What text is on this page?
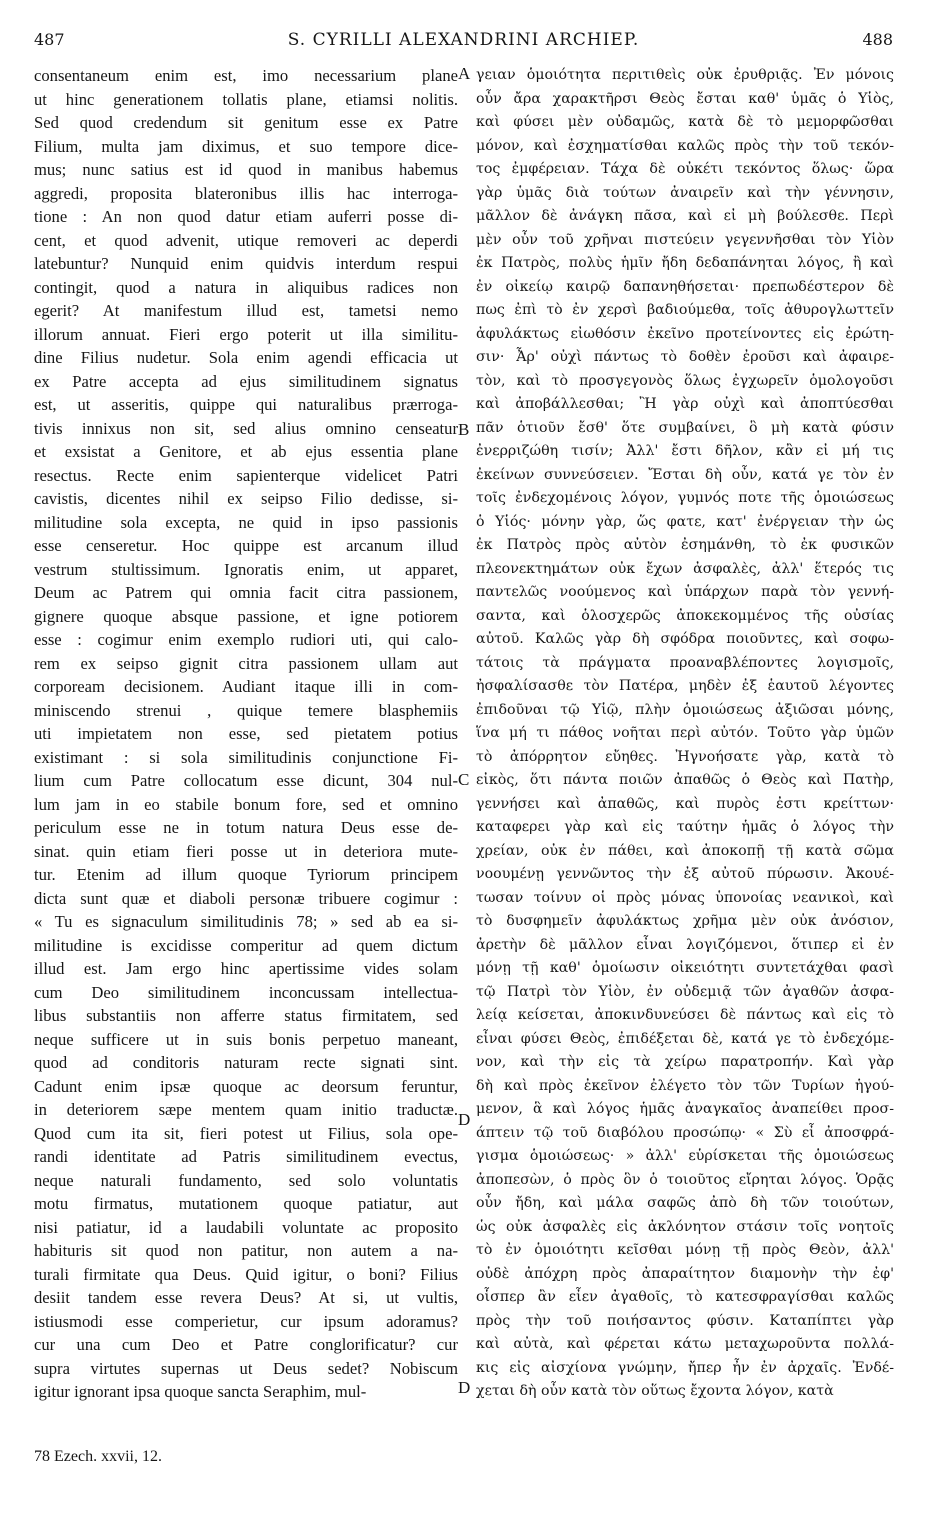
487	S. CYRILLI ALEXANDRINI ARCHIEP.	488
consentaneum enim est, imo necessarium plane
ut hinc generationem tollatis plane, etiamsi nolitis.
Sed quod credendum sit genitum esse ex Patre
Filium, multa jam diximus, et suo tempore dice-
mus; nunc satius est id quod in manibus habemus
aggredi, proposita blateronibus illis hac interroga-
tione : An non quod datur etiam auferri posse di-
cent, et quod advenit, utique removeri ac deperdi
latebuntur? Nunquid enim quidvis interdum respui
contingit, quod a natura in aliquibus radices non
egerit? At manifestum illud est, tametsi nemo
illorum annuat. Fieri ergo poterit ut illa similitu-
dine Filius nudetur. Sola enim agendi efficacia ut
ex Patre accepta ad ejus similitudinem signatus
est, ut asseritis, quippe qui naturalibus prærroga-
tivis innixus non sit, sed alius omnino censeatur
et exsistat a Genitore, et ab ejus essentia plane
resectus. Recte enim sapienterque videlicet Patri
cavistis, dicentes nihil ex seipso Filio dedisse, si-
militudine sola excepta, ne quid in ipso passionis
esse censeretur. Hoc quippe est arcanum illud
vestrum stultissimum. Ignoratis enim, ut apparet,
Deum ac Patrem qui omnia facit citra passionem,
gignere quoque absque passione, et igne potiorem
esse : cogimur enim exemplo rudiori uti, qui calo-
rem ex seipso gignit citra passionem ullam aut
corpoream decisionem. Audiant itaque illi in com-
miniscendo strenui , quique temere blasphemiis
uti impietatem non esse, sed pietatem potius
existimant : si sola similitudinis conjunctione Fi-
lium cum Patre collocatum esse dicunt, 304 nul-
lum jam in eo stabile bonum fore, sed et omnino
periculum esse ne in totum natura Deus esse de-
sinat. quin etiam fieri posse ut in deteriora mute-
tur. Etenim ad illum quoque Tyriorum principem
dicta sunt quæ et diaboli personæ tribuere cogimur :
« Tu es signaculum similitudinis 78; » sed ab ea si-
militudine is excidisse comperitur ad quem dictum
illud est. Jam ergo hinc apertissime vides solam
cum Deo similitudinem inconcussam intellectua-
libus substantiis non afferre status firmitatem, sed
neque sufficere ut in suis bonis perpetuo maneant,
quod ad conditoris naturam recte signati sint.
Cadunt enim ipsæ quoque ac deorsum feruntur,
in deteriorem sæpe mentem quam initio traductæ.
Quod cum ita sit, fieri potest ut Filius, sola ope-
randi identitate ad Patris similitudinem evectus,
neque naturali fundamento, sed solo voluntatis
motu firmatus, mutationem quoque patiatur, aut
nisi patiatur, id a laudabili voluntate ac proposito
habituris sit quod non patitur, non autem a na-
turali firmitate qua Deus. Quid igitur, o boni? Filius
desiit tandem esse revera Deus? At si, ut vultis,
istiusmodi esse comperietur, cur ipsum adoramus?
cur una cum Deo et Patre conglorificatur? cur
supra virtutes supernas ut Deus sedet? Nobiscum
igitur ignorant ipsa quoque sancta Seraphim, mul-
γειαν ὁμοιότητα περιτιθεὶς οὐκ ἐρυθριᾷς. Ἐν μόνοις
οὖν ἄρα χαρακτῆρσι Θεὸς ἔσται καθ' ὑμᾶς ὁ Υἱὸς,
καὶ φύσει μὲν οὐδαμῶς, κατὰ δὲ τὸ μεμορφῶσθαι
μόνον, καὶ ἐσχηματίσθαι καλῶς πρὸς τὴν τοῦ τεκόν-
τος ἐμφέρειαν. Τάχα δὲ οὐκέτι τεκόντος ὅλως· ὥρα
γὰρ ὑμᾶς διὰ τούτων ἀναιρεῖν καὶ τὴν γέννησιν,
μᾶλλον δὲ ἀνάγκη πᾶσα, καὶ εἰ μὴ βούλεσθε. Περὶ
μὲν οὖν τοῦ χρῆναι πιστεύειν γεγεννῆσθαι τὸν Υἱὸν
ἐκ Πατρὸς, πολὺς ἡμῖν ἤδη δεδαπάνηται λόγος, ἢ καὶ
ἐν οἰκείῳ καιρῷ δαπανηθήσεται· πρεπωδέστερον δὲ
πως ἐπὶ τὸ ἐν χερσὶ βαδιούμεθα, τοῖς ἀθυρογλωττεῖν
ἀφυλάκτως εἰωθόσιν ἐκεῖνο προτείνοντες εἰς ἐρώτη-
σιν· Ἆρ' οὐχὶ πάντως τὸ δοθὲν ἐροῦσι καὶ ἀφαιρε-
τὸν, καὶ τὸ προσγεγονὸς ὅλως ἐγχωρεῖν ὁμολογοῦσι
καὶ ἀποβάλλεσθαι; Ἢ γὰρ οὐχὶ καὶ ἀποπτύεσθαι
πᾶν ὁτιοῦν ἔσθ' ὅτε συμβαίνει, ὃ μὴ κατὰ φύσιν
ἐνερριζώθη τισίν; Ἀλλ' ἔστι δῆλον, κἂν εἰ μή τις
ἐκείνων συννεύσειεν. Ἔσται δὴ οὖν, κατά γε τὸν ἐν
τοῖς ἐνδεχομένοις λόγον, γυμνός ποτε τῆς ὁμοιώσεως
ὁ Υἱός· μόνην γὰρ, ὥς φατε, κατ' ἐνέργειαν τὴν ὡς
ἐκ Πατρὸς πρὸς αὐτὸν ἐσημάνθη, τὸ ἐκ φυσικῶν
πλεονεκτημάτων οὐκ ἔχων ἀσφαλὲς, ἀλλ' ἕτερός τις
παντελῶς νοούμενος καὶ ὑπάρχων παρὰ τὸν γεννή-
σαντα, καὶ ὁλοσχερῶς ἀποκεκομμένος τῆς οὐσίας
αὐτοῦ. Καλῶς γὰρ δὴ σφόδρα ποιοῦντες, καὶ σοφω-
τάτοις τὰ πράγματα προαναβλέποντες λογισμοῖς,
ἠσφαλίσασθε τὸν Πατέρα, μηδὲν ἐξ ἑαυτοῦ λέγοντες
ἐπιδοῦναι τῷ Υἱῷ, πλὴν ὁμοιώσεως ἀξιῶσαι μόνης,
ἵνα μή τι πάθος νοῆται περὶ αὐτόν. Τοῦτο γὰρ ὑμῶν
τὸ ἀπόρρητον εὔηθες. Ἠγνοήσατε γὰρ, κατὰ τὸ
εἰκὸς, ὅτι πάντα ποιῶν ἀπαθῶς ὁ Θεὸς καὶ Πατὴρ,
γεννήσει καὶ ἀπαθῶς, καὶ πυρὸς ἐστι κρείττων·
καταφερει γὰρ καὶ εἰς ταύτην ἡμᾶς ὁ λόγος τὴν
χρείαν, οὐκ ἐν πάθει, καὶ ἀποκοπῇ τῇ κατὰ σῶμα
νοουμένῃ γεννῶντος τὴν ἐξ αὐτοῦ πύρωσιν. Ἀκουέ-
τωσαν τοίνυν οἱ πρὸς μόνας ὑπονοίας νεανικοὶ, καὶ
τὸ δυσφημεῖν ἀφυλάκτως χρῆμα μὲν οὐκ ἀνόσιον,
ἀρετὴν δὲ μᾶλλον εἶναι λογιζόμενοι, ὅτιπερ εἰ ἐν
μόνῃ τῇ καθ' ὁμοίωσιν οἰκειότητι συντετάχθαι φασὶ
τῷ Πατρὶ τὸν Υἱὸν, ἐν οὐδεμιᾷ τῶν ἀγαθῶν ἀσφα-
λείᾳ κείσεται, ἀποκινδυνεύσει δὲ πάντως καὶ εἰς τὸ
εἶναι φύσει Θεὸς, ἐπιδέξεται δὲ, κατά γε τὸ ἐνδεχόμε-
νον, καὶ τὴν εἰς τὰ χείρω παρατροπήν. Καὶ γὰρ
δὴ καὶ πρὸς ἐκεῖνον ἐλέγετο τὸν τῶν Τυρίων ἡγού-
μενον, ἃ καὶ λόγος ἡμᾶς ἀναγκαῖος ἀναπείθει προσ-
άπτειν τῷ τοῦ διαβόλου προσώπῳ· « Σὺ εἶ ἀποσφρά-
γισμα ὁμοιώσεως· » ἀλλ' εὑρίσκεται τῆς ὁμοιώσεως
ἀποπεσὼν, ὁ πρὸς ὃν ὁ τοιοῦτος εἴρηται λόγος. Ὁρᾷς
οὖν ἤδη, καὶ μάλα σαφῶς ἀπὸ δὴ τῶν τοιούτων,
ὡς οὐκ ἀσφαλὲς εἰς ἀκλόνητον στάσιν τοῖς νοητοῖς
τὸ ἐν ὁμοιότητι κεῖσθαι μόνῃ τῇ πρὸς Θεὸν, ἀλλ'
οὐδὲ ἀπόχρη πρὸς ἀπαραίτητον διαμονὴν τὴν ἐφ'
οἷσπερ ἂν εἶεν ἀγαθοῖς, τὸ κατεσφραγίσθαι καλῶς
πρὸς τὴν τοῦ ποιήσαντος φύσιν. Καταπίπτει γὰρ
καὶ αὐτὰ, καὶ φέρεται κάτω μεταχωροῦντα πολλά-
κις εἰς αἰσχίονα γνώμην, ἤπερ ἦν ἐν ἀρχαῖς. Ἐνδέ-
χεται δὴ οὖν κατὰ τὸν οὕτως ἔχοντα λόγον, κατὰ
A
B
C
D
D
78 Ezech. xxvii, 12.
